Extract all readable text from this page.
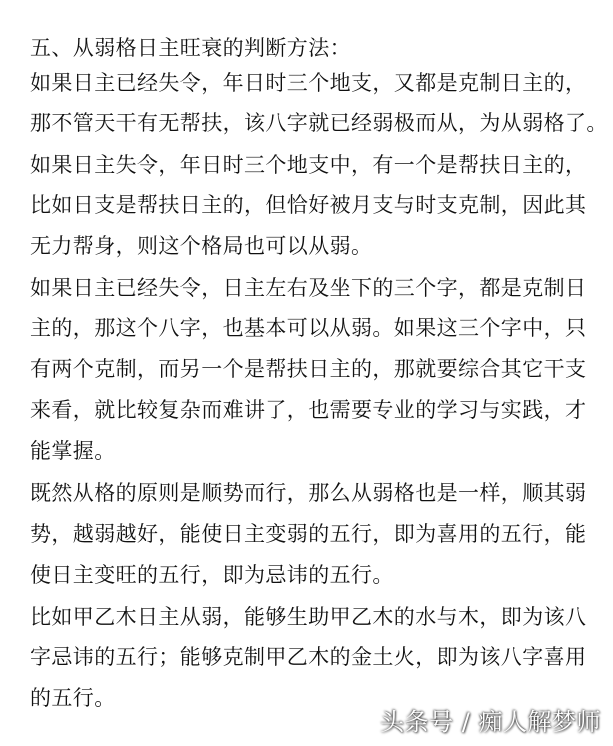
五、从弱格日主旺衰的判断方法：
如果日主已经失令，年日时三个地支，又都是克制日主的，
那不管天干有无帮扶，该八字就已经弱极而从，为从弱格了。
如果日主失令，年日时三个地支中，有一个是帮扶日主的，
比如日支是帮扶日主的，但恰好被月支与时支克制，因此其
无力帮身，则这个格局也可以从弱。
如果日主已经失令，日主左右及坐下的三个字，都是克制日
主的，那这个八字，也基本可以从弱。如果这三个字中，只
有两个克制，而另一个是帮扶日主的，那就要综合其它干支
来看，就比较复杂而难讲了，也需要专业的学习与实践，才
能掌握。
既然从格的原则是顺势而行，那么从弱格也是一样，顺其弱
势，越弱越好，能使日主变弱的五行，即为喜用的五行，能
使日主变旺的五行，即为忌讳的五行。
比如甲乙木日主从弱，能够生助甲乙木的水与木，即为该八
字忌讳的五行；能够克制甲乙木的金土火，即为该八字喜用
的五行。
头条号 / 痴人解梦师
